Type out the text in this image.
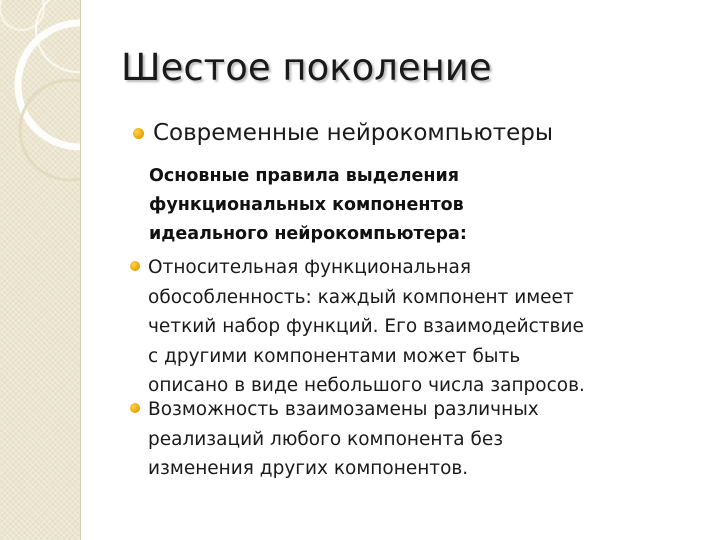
Шестое поколение
Современные нейрокомпьютеры
Основные правила выделения
функциональных компонентов
идеального нейрокомпьютера:
Относительная функциональная
обособленность: каждый компонент имеет
четкий набор функций. Его взаимодействие
с другими компонентами может быть
описано в виде небольшого числа запросов.
Возможность взаимозамены различных
реализаций любого компонента без
изменения других компонентов.
